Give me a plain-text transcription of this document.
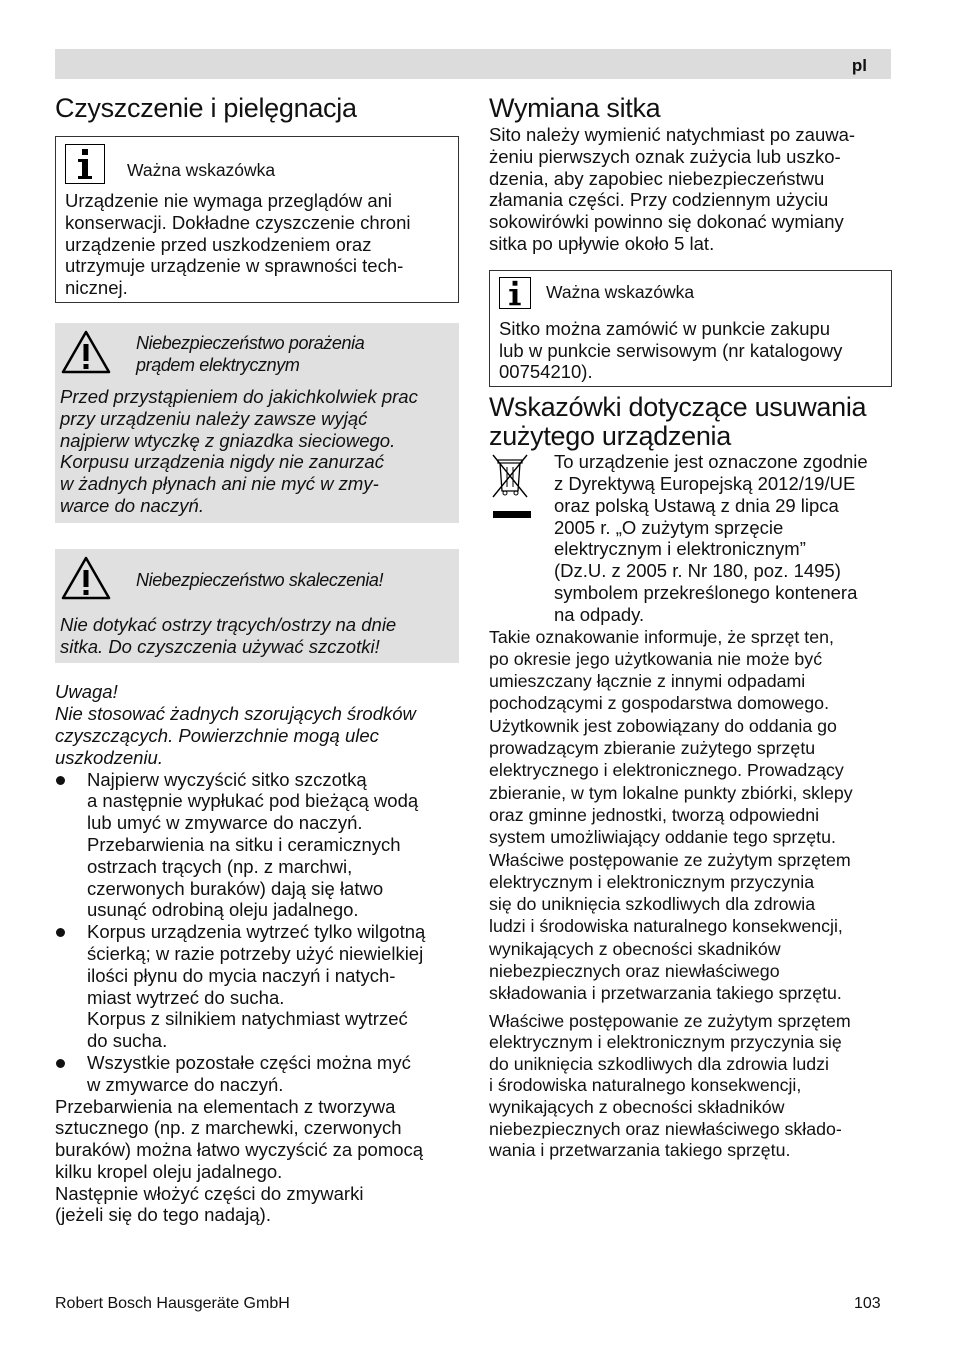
pl
Czyszczenie i pielęgnacja
Ważna wskazówka

Urządzenie nie wymaga przeglądów ani

konserwacji. Dokładne czyszczenie chroni

urządzenie przed uszkodzeniem oraz

utrzymuje urządzenie w sprawności tech-

nicznej.

Niebezpieczeństwo porażenia
prądem elektrycznym

Przed przystąpieniem do jakichkolwiek prac

przy urządzeniu należy zawsze wyjąć

najpierw wtyczkę z gniazdka sieciowego.

Korpusu urządzenia nigdy nie zanurzać

w żadnych płynach ani nie myć w zmy-

warce do naczyń.

Niebezpieczeństwo skaleczenia!

Nie dotykać ostrzy trących/ostrzy na dnie

sitka. Do czyszczenia używać szczotki!

Uwaga!

Nie stosować żadnych szorujących środków

czyszczących. Powierzchnie mogą ulec

uszkodzeniu.

Najpierw wyczyścić sitko szczotką
a następnie wypłukać pod bieżącą wodą
lub umyć w zmywarce do naczyń.
Przebarwienia na sitku i ceramicznych
ostrzach trących (np. z marchwi,
czerwonych buraków) dają się łatwo
usunąć odrobiną oleju jadalnego.
Korpus urządzenia wytrzeć tylko wilgotną
ścierką; w razie potrzeby użyć niewielkiej
ilości płynu do mycia naczyń i natych-
miast wytrzeć do sucha.
Korpus z silnikiem natychmiast wytrzeć
do sucha.
Wszystkie pozostałe części można myć
w zmywarce do naczyń.

Przebarwienia na elementach z tworzywa

sztucznego (np. z marchewki, czerwonych

buraków) można łatwo wyczyścić za pomocą

kilku kropel oleju jadalnego.

Następnie włożyć części do zmywarki

(jeżeli się do tego nadają).

Wymiana sitka

Sito należy wymienić natychmiast po zauwa-

żeniu pierwszych oznak zużycia lub uszko-

dzenia, aby zapobiec niebezpieczeństwu

złamania części. Przy codziennym użyciu

sokowirówki powinno się dokonać wymiany

sitka po upływie około 5 lat.

Ważna wskazówka

Sitko można zamówić w punkcie zakupu

lub w punkcie serwisowym (nr katalogowy

00754210).

Wskazówki dotyczące usuwania
zużytego urządzenia

To urządzenie jest oznaczone zgodnie

z Dyrektywą Europejską 2012/19/UE

oraz polską Ustawą z dnia 29 lipca

2005 r. „O zużytym sprzęcie

elektrycznym i elektronicznym”

(Dz.U. z 2005 r. Nr 180, poz. 1495)

symbolem przekreślonego kontenera

na odpady.

Takie oznakowanie informuje, że sprzęt ten,

po okresie jego użytkowania nie może być

umieszczany łącznie z innymi odpadami

pochodzącymi z gospodarstwa domowego.

Użytkownik jest zobowiązany do oddania go

prowadzącym zbieranie zużytego sprzętu

elektrycznego i elektronicznego. Prowadzący

zbieranie, w tym lokalne punkty zbiórki, sklepy

oraz gminne jednostki, tworzą odpowiedni

system umożliwiający oddanie tego sprzętu.

Właściwe postępowanie ze zużytym sprzętem

elektrycznym i elektronicznym przyczynia

się do uniknięcia szkodliwych dla zdrowia

ludzi i środowiska naturalnego konsekwencji,

wynikających z obecności skadników

niebezpiecznych oraz niewłaściwego

składowania i przetwarzania takiego sprzętu.

Właściwe postępowanie ze zużytym sprzętem

elektrycznym i elektronicznym przyczynia się

do uniknięcia szkodliwych dla zdrowia ludzi

i środowiska naturalnego konsekwencji,

wynikających z obecności składników

niebezpiecznych oraz niewłaściwego składo-

wania i przetwarzania takiego sprzętu.

Robert Bosch Hausgeräte GmbH	103
